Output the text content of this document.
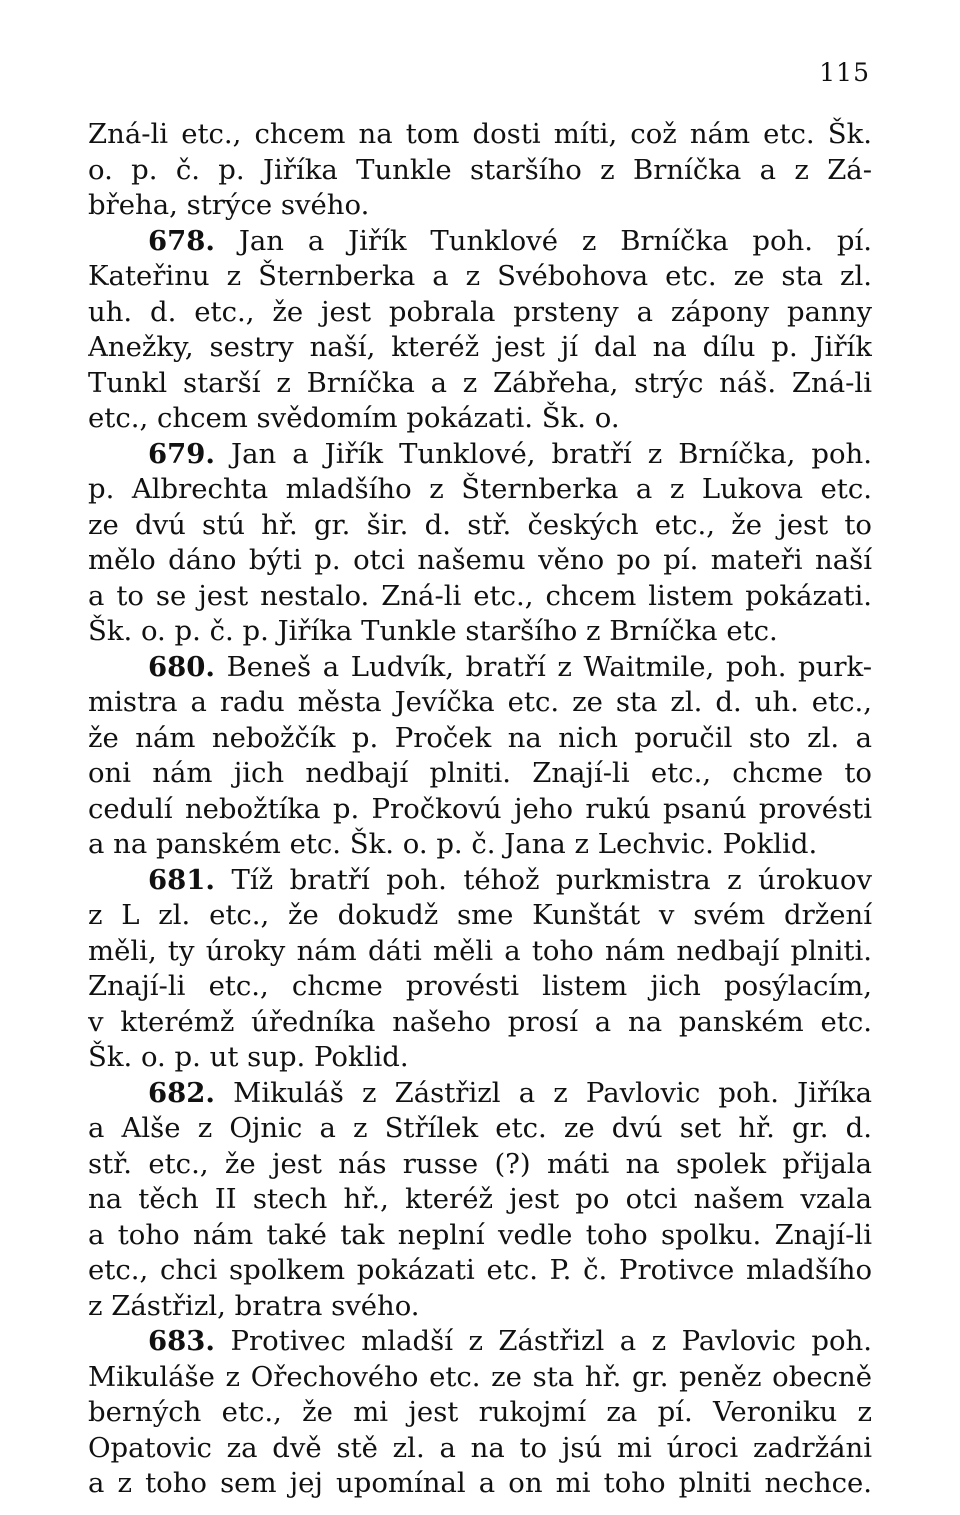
115
Zná-li etc., chcem na tom dosti míti, což nám etc. Šk.
o. p. č. p. Jiříka Tunkle staršího z Brníčka a z Zá-
břeha, strýce svého.
678. Jan a Jiřík Tunklové z Brníčka poh. pí.
Kateřinu z Šternberka a z Svébohova etc. ze sta zl.
uh. d. etc., že jest pobrala prsteny a zápony panny
Anežky, sestry naší, kteréž jest jí dal na dílu p. Jiřík
Tunkl starší z Brníčka a z Zábřeha, strýc náš. Zná-li
etc., chcem svědomím pokázati. Šk. o.
679. Jan a Jiřík Tunklové, bratří z Brníčka, poh.
p. Albrechta mladšího z Šternberka a z Lukova etc.
ze dvú stú hř. gr. šir. d. stř. českých etc., že jest to
mělo dáno býti p. otci našemu věno po pí. mateři naší
a to se jest nestalo. Zná-li etc., chcem listem pokázati.
Šk. o. p. č. p. Jiříka Tunkle staršího z Brníčka etc.
680. Beneš a Ludvík, bratří z Waitmile, poh. purk-
mistra a radu města Jevíčka etc. ze sta zl. d. uh. etc.,
že nám nebožčík p. Proček na nich poručil sto zl. a
oni nám jich nedbají plniti. Znají-li etc., chcme to
cedulí nebožtíka p. Pročkovú jeho rukú psanú provésti
a na panském etc. Šk. o. p. č. Jana z Lechvic. Poklid.
681. Tíž bratří poh. téhož purkmistra z úrokuov
z L zl. etc., že dokudž sme Kunštát v svém držení
měli, ty úroky nám dáti měli a toho nám nedbají plniti.
Znají-li etc., chcme provésti listem jich posýlacím,
v kterémž úředníka našeho prosí a na panském etc.
Šk. o. p. ut sup. Poklid.
682. Mikuláš z Zástřizl a z Pavlovic poh. Jiříka
a Alše z Ojnic a z Střílek etc. ze dvú set hř. gr. d.
stř. etc., že jest nás russe (?) máti na spolek přijala
na těch II stech hř., kteréž jest po otci našem vzala
a toho nám také tak neplní vedle toho spolku. Znají-li
etc., chci spolkem pokázati etc. P. č. Protivce mladšího
z Zástřizl, bratra svého.
683. Protivec mladší z Zástřizl a z Pavlovic poh.
Mikuláše z Ořechového etc. ze sta hř. gr. peněz obecně
berných etc., že mi jest rukojmí za pí. Veroniku z
Opatovic za dvě stě zl. a na to jsú mi úroci zadržáni
a z toho sem jej upomínal a on mi toho plniti nechce.
